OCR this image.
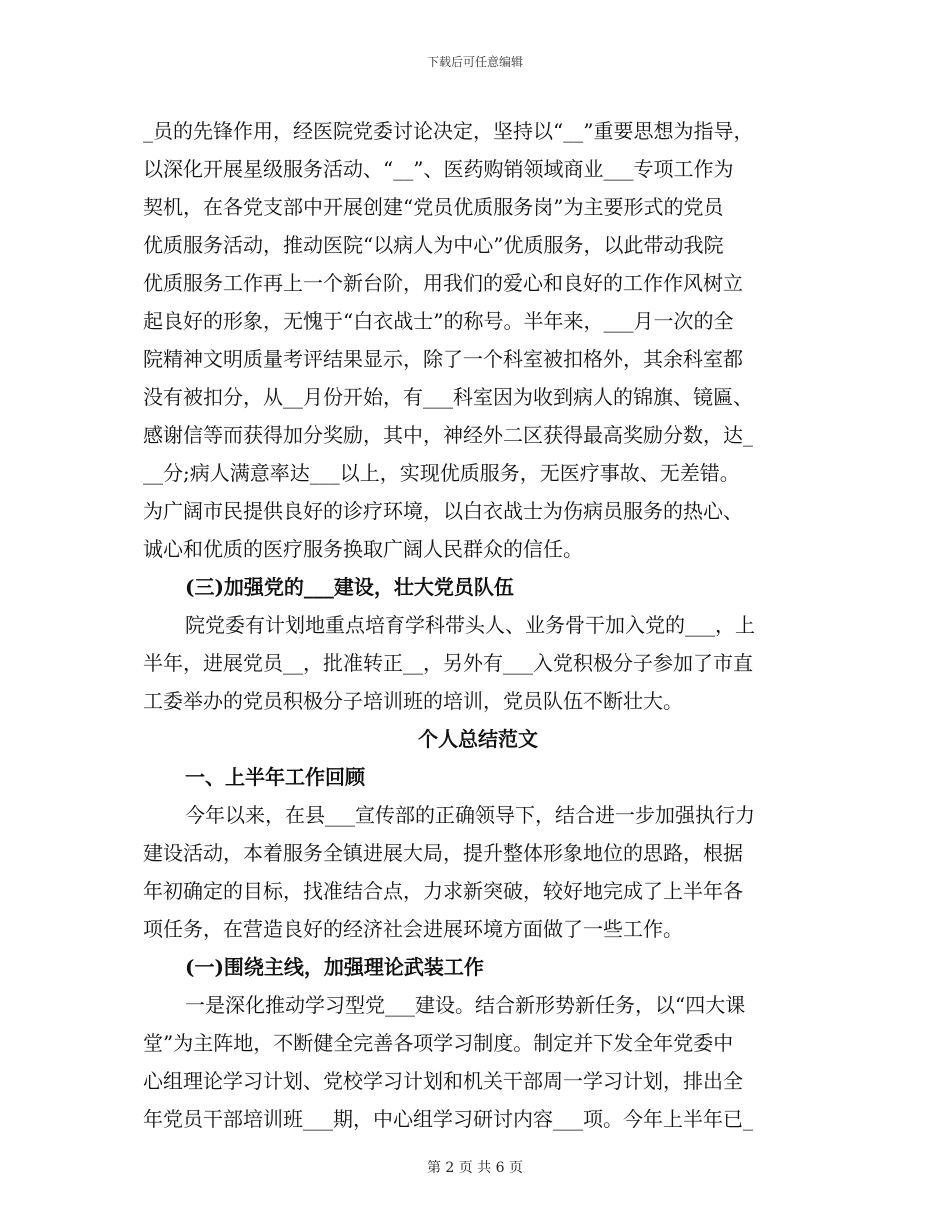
下载后可任意编辑
_员的先锋作用，经医院党委讨论决定，坚持以“__”重要思想为指导，
以深化开展星级服务活动、“__”、医药购销领域商业___专项工作为
契机，在各党支部中开展创建“党员优质服务岗”为主要形式的党员
优质服务活动，推动医院“以病人为中心”优质服务，以此带动我院
优质服务工作再上一个新台阶，用我们的爱心和良好的工作作风树立
起良好的形象，无愧于“白衣战士”的称号。半年来，___月一次的全
院精神文明质量考评结果显示，除了一个科室被扣格外，其余科室都
没有被扣分，从__月份开始，有___科室因为收到病人的锦旗、镜匾、
感谢信等而获得加分奖励，其中，神经外二区获得最高奖励分数，达_
__分;病人满意率达___以上，实现优质服务，无医疗事故、无差错。
为广阔市民提供良好的诊疗环境，以白衣战士为伤病员服务的热心、
诚心和优质的医疗服务换取广阔人民群众的信任。
(三)加强党的___建设，壮大党员队伍
院党委有计划地重点培育学科带头人、业务骨干加入党的___，上
半年，进展党员__，批准转正__，另外有___入党积极分子参加了市直
工委举办的党员积极分子培训班的培训，党员队伍不断壮大。
个人总结范文
一、上半年工作回顾
今年以来，在县___宣传部的正确领导下，结合进一步加强执行力
建设活动，本着服务全镇进展大局，提升整体形象地位的思路，根据
年初确定的目标，找准结合点，力求新突破，较好地完成了上半年各
项任务，在营造良好的经济社会进展环境方面做了一些工作。
(一)围绕主线，加强理论武装工作
一是深化推动学习型党___建设。结合新形势新任务，以“四大课
堂”为主阵地，不断健全完善各项学习制度。制定并下发全年党委中
心组理论学习计划、党校学习计划和机关干部周一学习计划，排出全
年党员干部培训班___期，中心组学习研讨内容___项。今年上半年已_
第 2 页 共 6 页
